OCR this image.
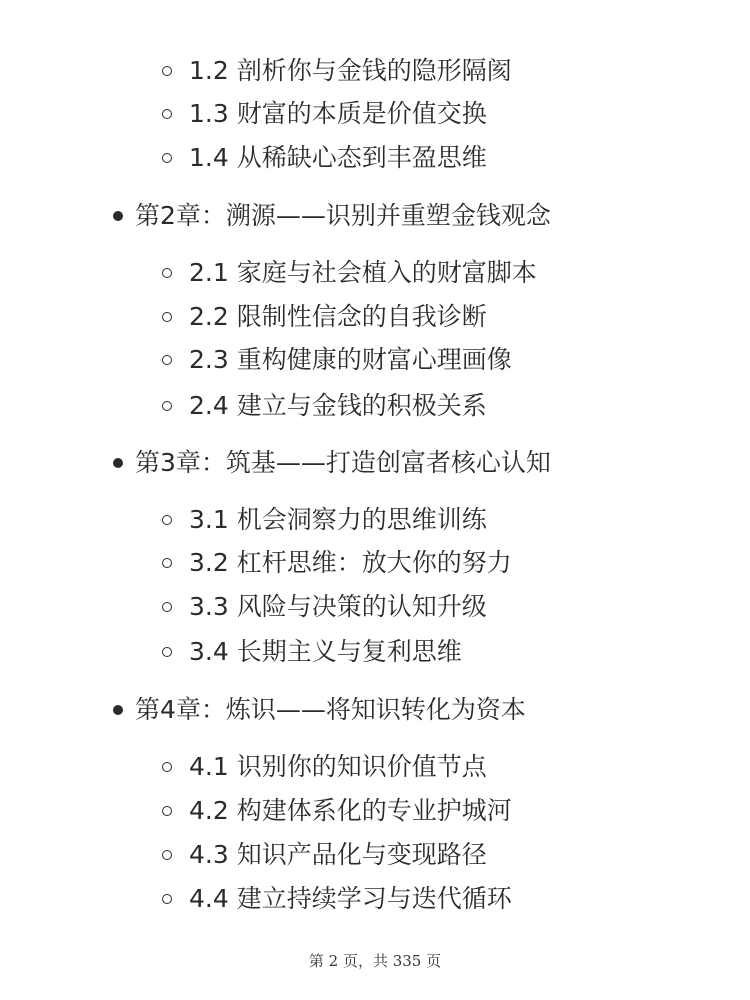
1.2 剖析你与金钱的隐形隔阂
1.3 财富的本质是价值交换
1.4 从稀缺心态到丰盈思维
第2章：溯源——识别并重塑金钱观念
2.1 家庭与社会植入的财富脚本
2.2 限制性信念的自我诊断
2.3 重构健康的财富心理画像
2.4 建立与金钱的积极关系
第3章：筑基——打造创富者核心认知
3.1 机会洞察力的思维训练
3.2 杠杆思维：放大你的努力
3.3 风险与决策的认知升级
3.4 长期主义与复利思维
第4章：炼识——将知识转化为资本
4.1 识别你的知识价值节点
4.2 构建体系化的专业护城河
4.3 知识产品化与变现路径
4.4 建立持续学习与迭代循环
第 2 页，共 335 页
